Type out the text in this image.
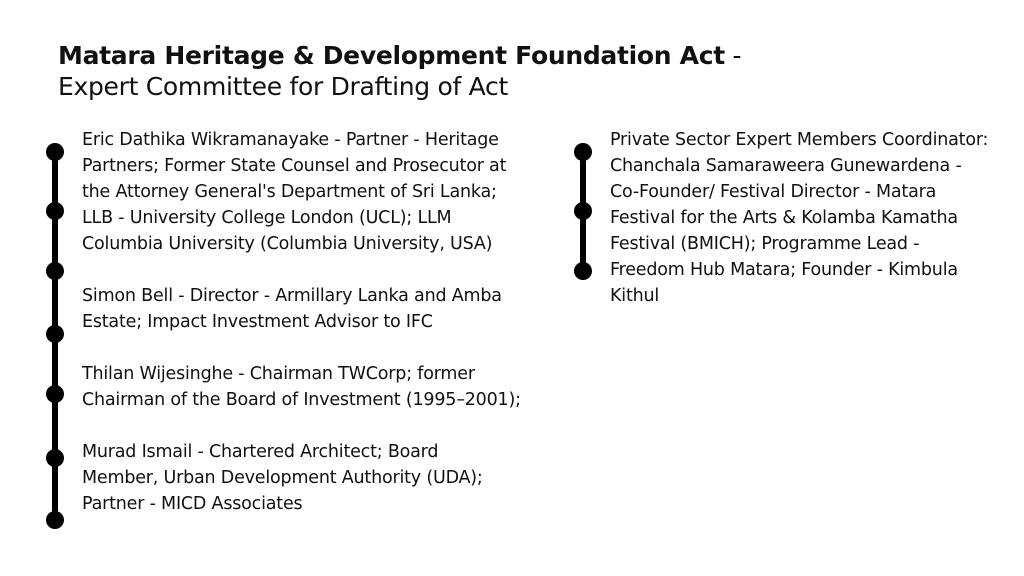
Matara Heritage & Development Foundation Act -
Expert Committee for Drafting of Act

Eric Dathika Wikramanayake - Partner - Heritage
Partners; Former State Counsel and Prosecutor at
the Attorney General's Department of Sri Lanka;
LLB - University College London (UCL); LLM
Columbia University (Columbia University, USA)

Simon Bell - Director - Armillary Lanka and Amba
Estate; Impact Investment Advisor to IFC

Thilan Wijesinghe - Chairman TWCorp; former
Chairman of the Board of Investment (1995–2001);

Murad Ismail - Chartered Architect; Board
Member, Urban Development Authority (UDA);
Partner - MICD Associates

Private Sector Expert Members Coordinator:
Chanchala Samaraweera Gunewardena -
Co-Founder/ Festival Director - Matara
Festival for the Arts & Kolamba Kamatha
Festival (BMICH); Programme Lead -
Freedom Hub Matara; Founder - Kimbula
Kithul
